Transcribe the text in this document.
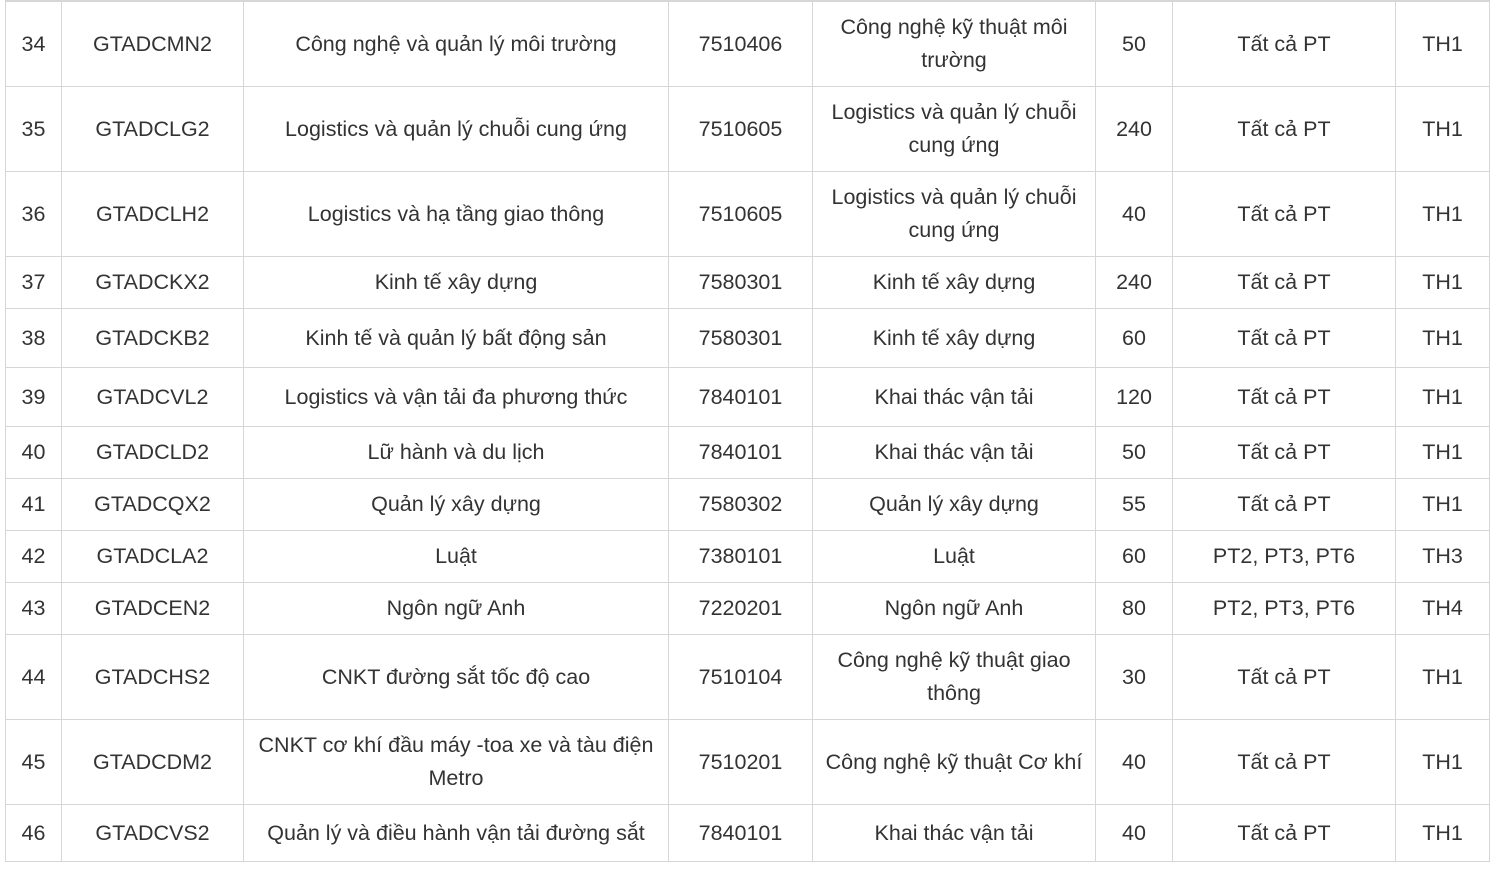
34	GTADCMN2	Công nghệ và quản lý môi trường	7510406	Công nghệ kỹ thuật môi trường	50	Tất cả PT	TH1
35	GTADCLG2	Logistics và quản lý chuỗi cung ứng	7510605	Logistics và quản lý chuỗi cung ứng	240	Tất cả PT	TH1
36	GTADCLH2	Logistics và hạ tầng giao thông	7510605	Logistics và quản lý chuỗi cung ứng	40	Tất cả PT	TH1
37	GTADCKX2	Kinh tế xây dựng	7580301	Kinh tế xây dựng	240	Tất cả PT	TH1
38	GTADCKB2	Kinh tế và quản lý bất động sản	7580301	Kinh tế xây dựng	60	Tất cả PT	TH1
39	GTADCVL2	Logistics và vận tải đa phương thức	7840101	Khai thác vận tải	120	Tất cả PT	TH1
40	GTADCLD2	Lữ hành và du lịch	7840101	Khai thác vận tải	50	Tất cả PT	TH1
41	GTADCQX2	Quản lý xây dựng	7580302	Quản lý xây dựng	55	Tất cả PT	TH1
42	GTADCLA2	Luật	7380101	Luật	60	PT2, PT3, PT6	TH3
43	GTADCEN2	Ngôn ngữ Anh	7220201	Ngôn ngữ Anh	80	PT2, PT3, PT6	TH4
44	GTADCHS2	CNKT đường sắt tốc độ cao	7510104	Công nghệ kỹ thuật giao thông	30	Tất cả PT	TH1
45	GTADCDM2	CNKT cơ khí đầu máy -toa xe và tàu điện Metro	7510201	Công nghệ kỹ thuật Cơ khí	40	Tất cả PT	TH1
46	GTADCVS2	Quản lý và điều hành vận tải đường sắt	7840101	Khai thác vận tải	40	Tất cả PT	TH1
